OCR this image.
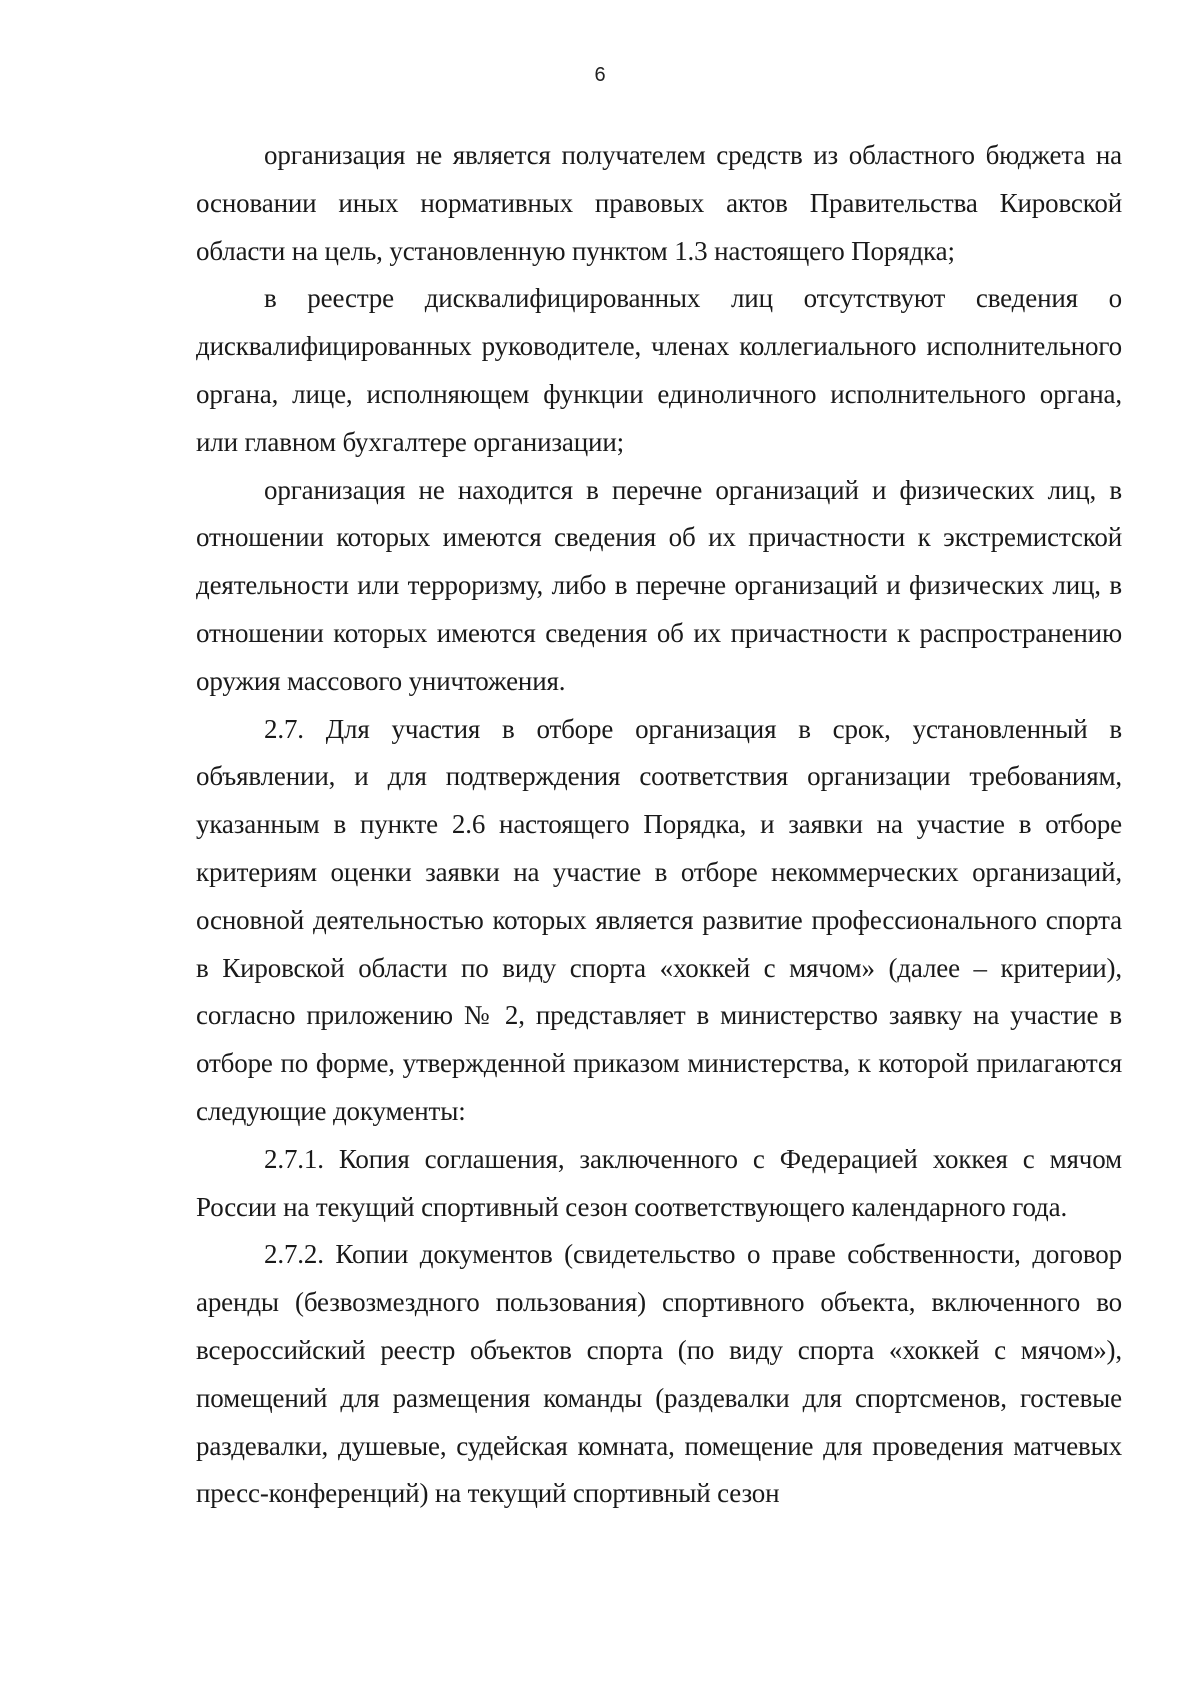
6

организация не является получателем средств из областного бюджета на основании иных нормативных правовых актов Правительства Кировской области на цель, установленную пунктом 1.3 настоящего Порядка;

в реестре дисквалифицированных лиц отсутствуют сведения о дисквалифицированных руководителе, членах коллегиального исполнительного органа, лице, исполняющем функции единоличного исполнительного органа, или главном бухгалтере организации;

организация не находится в перечне организаций и физических лиц, в отношении которых имеются сведения об их причастности к экстремистской деятельности или терроризму, либо в перечне организаций и физических лиц, в отношении которых имеются сведения об их причастности к распространению оружия массового уничтожения.

2.7. Для участия в отборе организация в срок, установленный в объявлении, и для подтверждения соответствия организации требованиям, указанным в пункте 2.6 настоящего Порядка, и заявки на участие в отборе критериям оценки заявки на участие в отборе некоммерческих организаций, основной деятельностью которых является развитие профессионального спорта в Кировской области по виду спорта «хоккей с мячом» (далее – критерии), согласно приложению № 2, представляет в министерство заявку на участие в отборе по форме, утвержденной приказом министерства, к которой прилагаются следующие документы:

2.7.1. Копия соглашения, заключенного с Федерацией хоккея с мячом России на текущий спортивный сезон соответствующего календарного года.

2.7.2. Копии документов (свидетельство о праве собственности, договор аренды (безвозмездного пользования) спортивного объекта, включенного во всероссийский реестр объектов спорта (по виду спорта «хоккей с мячом»), помещений для размещения команды (раздевалки для спортсменов, гостевые раздевалки, душевые, судейская комната, помещение для проведения матчевых пресс-конференций) на текущий спортивный сезон
